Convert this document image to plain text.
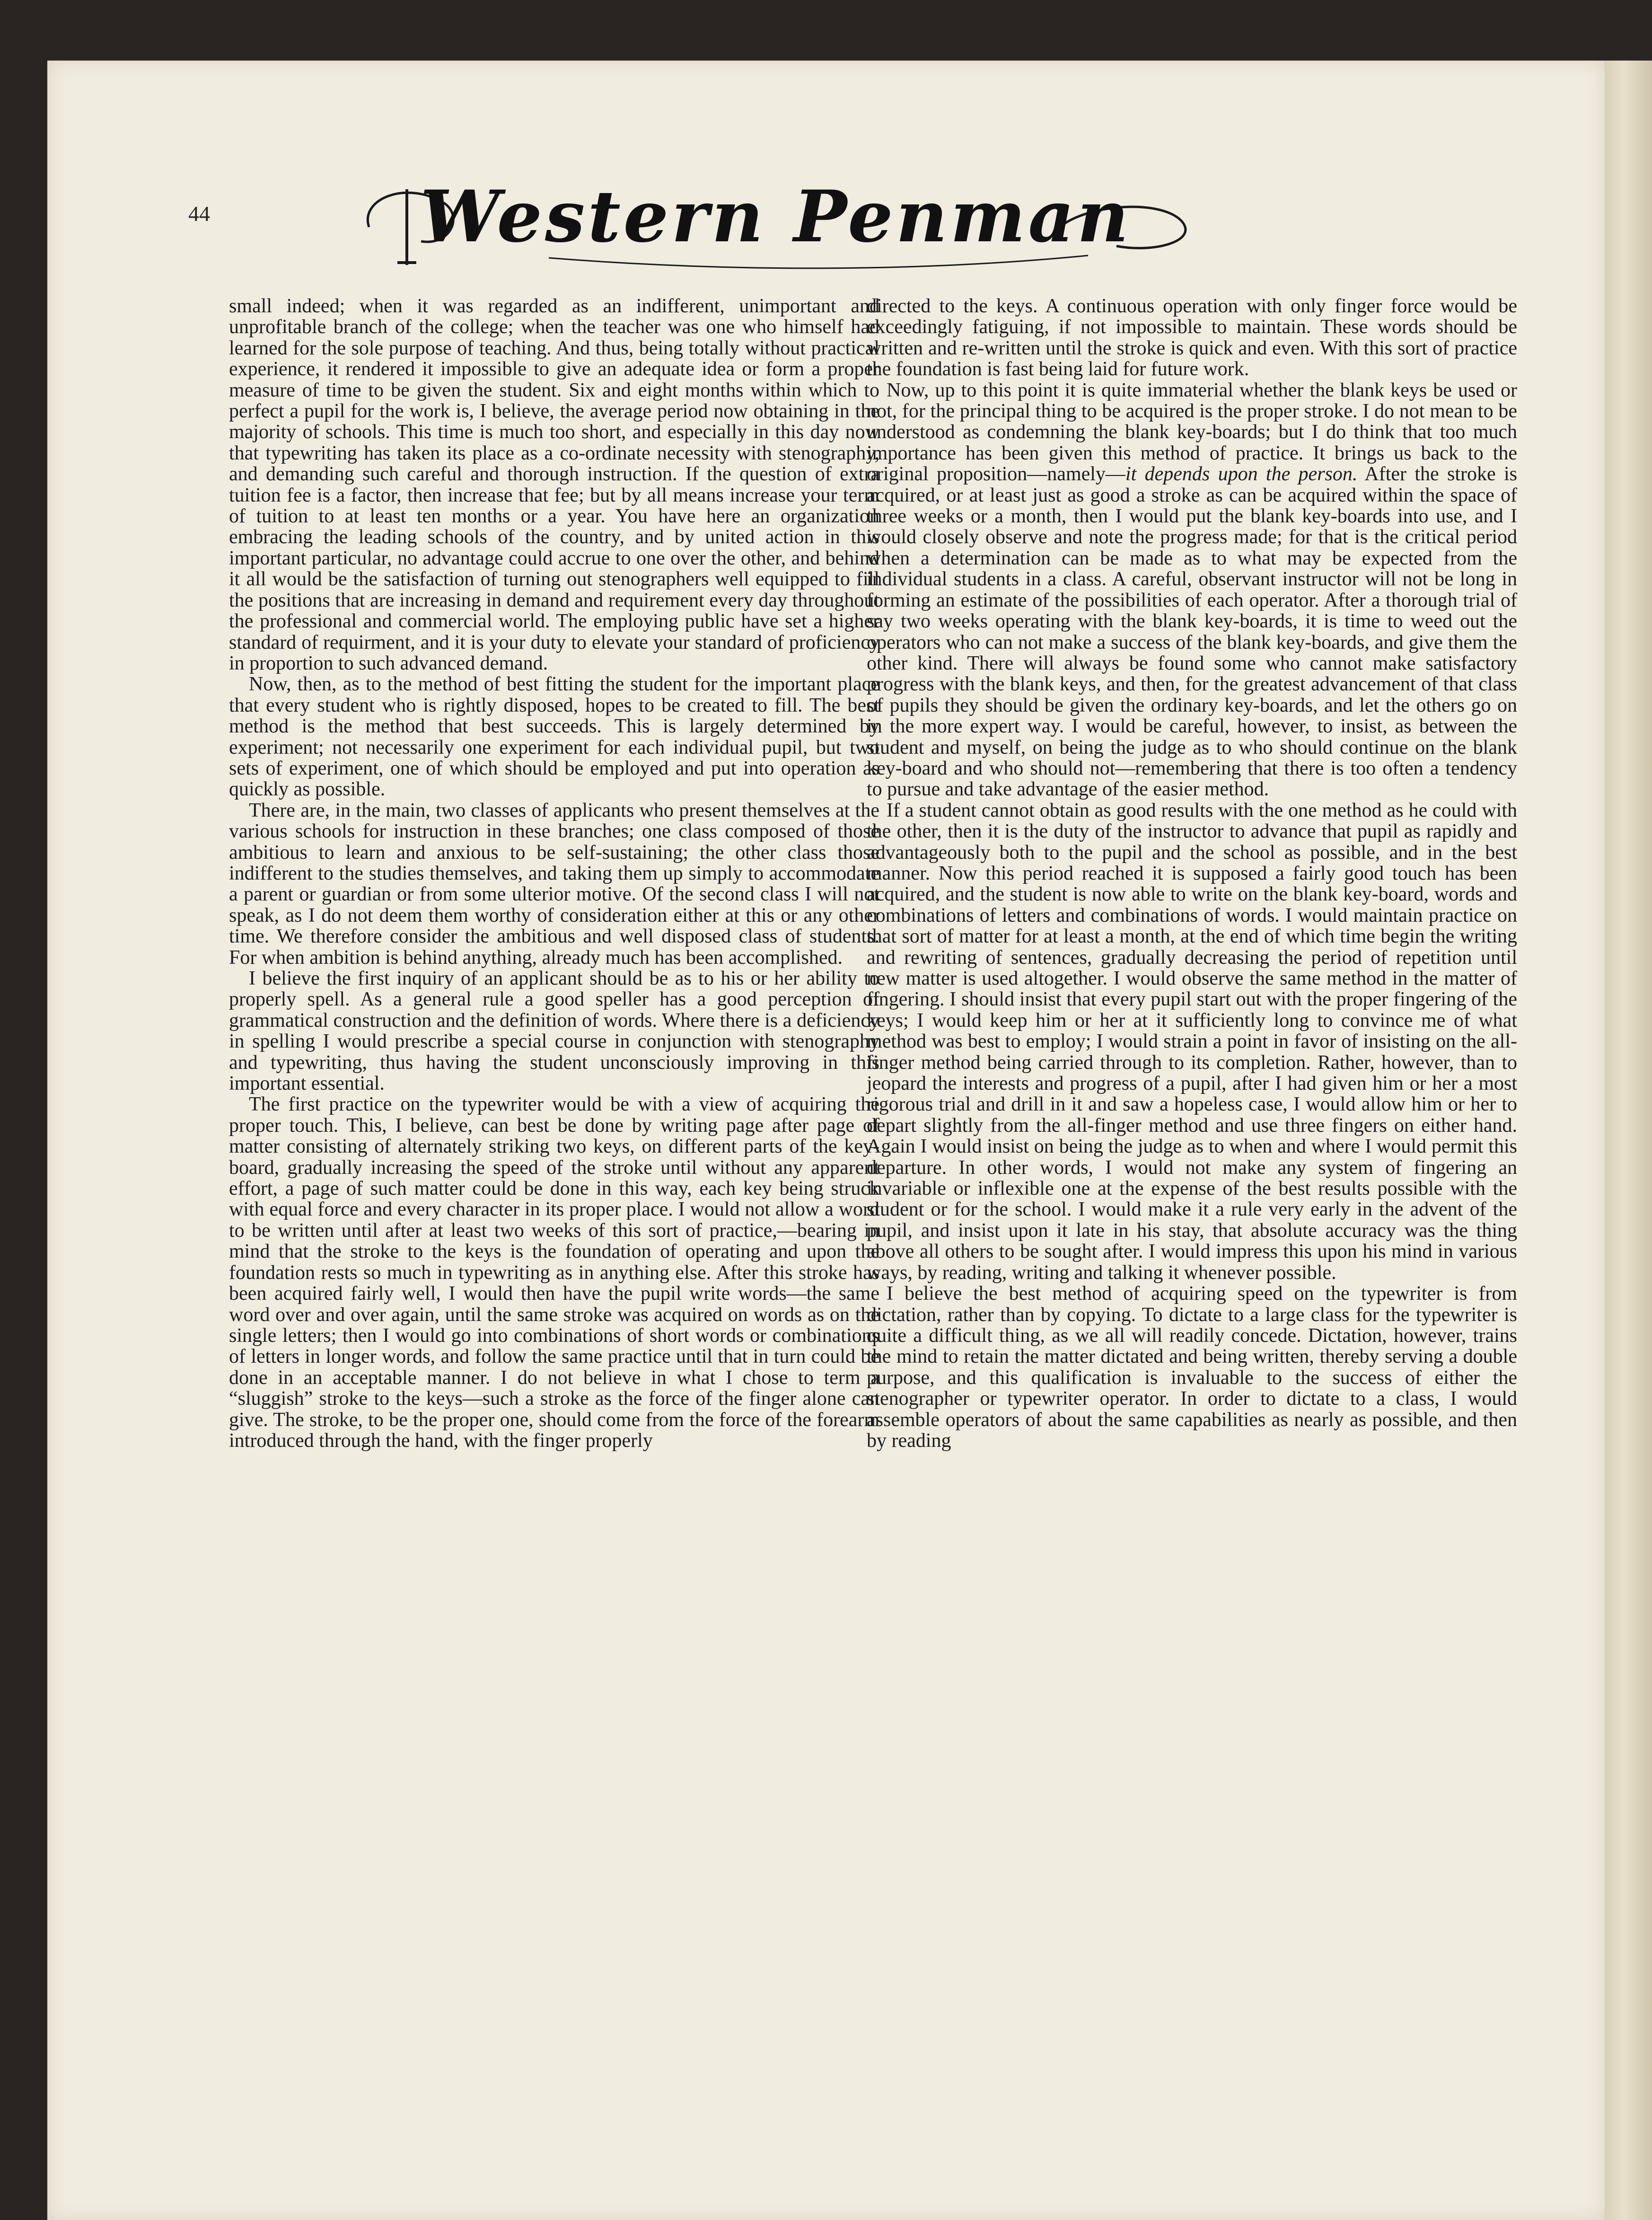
44	Western Penman

small indeed; when it was regarded as an indifferent, unimportant and unprofitable branch of the college; when the teacher was one who himself had learned for the sole purpose of teaching. And thus, being totally without practical experience, it rendered it impossible to give an adequate idea or form a proper measure of time to be given the student. Six and eight months within which to perfect a pupil for the work is, I believe, the average period now obtaining in the majority of schools. This time is much too short, and especially in this day now that typewriting has taken its place as a co-ordinate necessity with stenography, and demanding such careful and thorough instruction. If the question of extra tuition fee is a factor, then increase that fee; but by all means increase your term of tuition to at least ten months or a year. You have here an organization embracing the leading schools of the country, and by united action in this important particular, no advantage could accrue to one over the other, and behind it all would be the satisfaction of turning out stenographers well equipped to fill the positions that are increasing in demand and requirement every day throughout the professional and commercial world. The employing public have set a higher standard of requirment, and it is your duty to elevate your standard of proficiency in proportion to such advanced demand.

Now, then, as to the method of best fitting the student for the important place that every student who is rightly disposed, hopes to be created to fill. The best method is the method that best succeeds. This is largely determined by experiment; not necessarily one experiment for each individual pupil, but two sets of experiment, one of which should be employed and put into operation as quickly as possible.

There are, in the main, two classes of applicants who present themselves at the various schools for instruction in these branches; one class composed of those ambitious to learn and anxious to be self-sustaining; the other class those indifferent to the studies themselves, and taking them up simply to accommodate a parent or guardian or from some ulterior motive. Of the second class I will not speak, as I do not deem them worthy of consideration either at this or any other time. We therefore consider the ambitious and well disposed class of students. For when ambition is behind anything, already much has been accomplished.

I believe the first inquiry of an applicant should be as to his or her ability to properly spell. As a general rule a good speller has a good perception of grammatical construction and the definition of words. Where there is a deficiency in spelling I would prescribe a special course in conjunction with stenography and typewriting, thus having the student unconsciously improving in this important essential.

The first practice on the typewriter would be with a view of acquiring the proper touch. This, I believe, can best be done by writing page after page of matter consisting of alternately striking two keys, on different parts of the key-board, gradually increasing the speed of the stroke until without any apparent effort, a page of such matter could be done in this way, each key being struck with equal force and every character in its proper place. I would not allow a word to be written until after at least two weeks of this sort of practice,—bearing in mind that the stroke to the keys is the foundation of operating and upon the foundation rests so much in typewriting as in anything else. After this stroke has been acquired fairly well, I would then have the pupil write words—the same word over and over again, until the same stroke was acquired on words as on the single letters; then I would go into combinations of short words or combinations of letters in longer words, and follow the same practice until that in turn could be done in an acceptable manner. I do not believe in what I chose to term a “sluggish” stroke to the keys—such a stroke as the force of the finger alone can give. The stroke, to be the proper one, should come from the force of the forearm introduced through the hand, with the finger properly

directed to the keys. A continuous operation with only finger force would be exceedingly fatiguing, if not impossible to maintain. These words should be written and re-written until the stroke is quick and even. With this sort of practice the foundation is fast being laid for future work.

Now, up to this point it is quite immaterial whether the blank keys be used or not, for the principal thing to be acquired is the proper stroke. I do not mean to be understood as condemning the blank key-boards; but I do think that too much importance has been given this method of practice. It brings us back to the original proposition—namely—it depends upon the person. After the stroke is acquired, or at least just as good a stroke as can be acquired within the space of three weeks or a month, then I would put the blank key-boards into use, and I would closely observe and note the progress made; for that is the critical period when a determination can be made as to what may be expected from the individual students in a class. A careful, observant instructor will not be long in forming an estimate of the possibilities of each operator. After a thorough trial of say two weeks operating with the blank key-boards, it is time to weed out the operators who can not make a success of the blank key-boards, and give them the other kind. There will always be found some who cannot make satisfactory progress with the blank keys, and then, for the greatest advancement of that class of pupils they should be given the ordinary key-boards, and let the others go on in the more expert way. I would be careful, however, to insist, as between the student and myself, on being the judge as to who should continue on the blank key-board and who should not—remembering that there is too often a tendency to pursue and take advantage of the easier method.

If a student cannot obtain as good results with the one method as he could with the other, then it is the duty of the instructor to advance that pupil as rapidly and advantageously both to the pupil and the school as possible, and in the best manner. Now this period reached it is supposed a fairly good touch has been acquired, and the student is now able to write on the blank key-board, words and combinations of letters and combinations of words. I would maintain practice on that sort of matter for at least a month, at the end of which time begin the writing and rewriting of sentences, gradually decreasing the period of repetition until new matter is used altogether. I would observe the same method in the matter of fingering. I should insist that every pupil start out with the proper fingering of the keys; I would keep him or her at it sufficiently long to convince me of what method was best to employ; I would strain a point in favor of insisting on the all-finger method being carried through to its completion. Rather, however, than to jeopard the interests and progress of a pupil, after I had given him or her a most rigorous trial and drill in it and saw a hopeless case, I would allow him or her to depart slightly from the all-finger method and use three fingers on either hand. Again I would insist on being the judge as to when and where I would permit this departure. In other words, I would not make any system of fingering an invariable or inflexible one at the expense of the best results possible with the student or for the school. I would make it a rule very early in the advent of the pupil, and insist upon it late in his stay, that absolute accuracy was the thing above all others to be sought after. I would impress this upon his mind in various ways, by reading, writing and talking it whenever possible.

I believe the best method of acquiring speed on the typewriter is from dictation, rather than by copying. To dictate to a large class for the typewriter is quite a difficult thing, as we all will readily concede. Dictation, however, trains the mind to retain the matter dictated and being written, thereby serving a double purpose, and this qualification is invaluable to the success of either the stenographer or typewriter operator. In order to dictate to a class, I would assemble operators of about the same capabilities as nearly as possible, and then by reading
